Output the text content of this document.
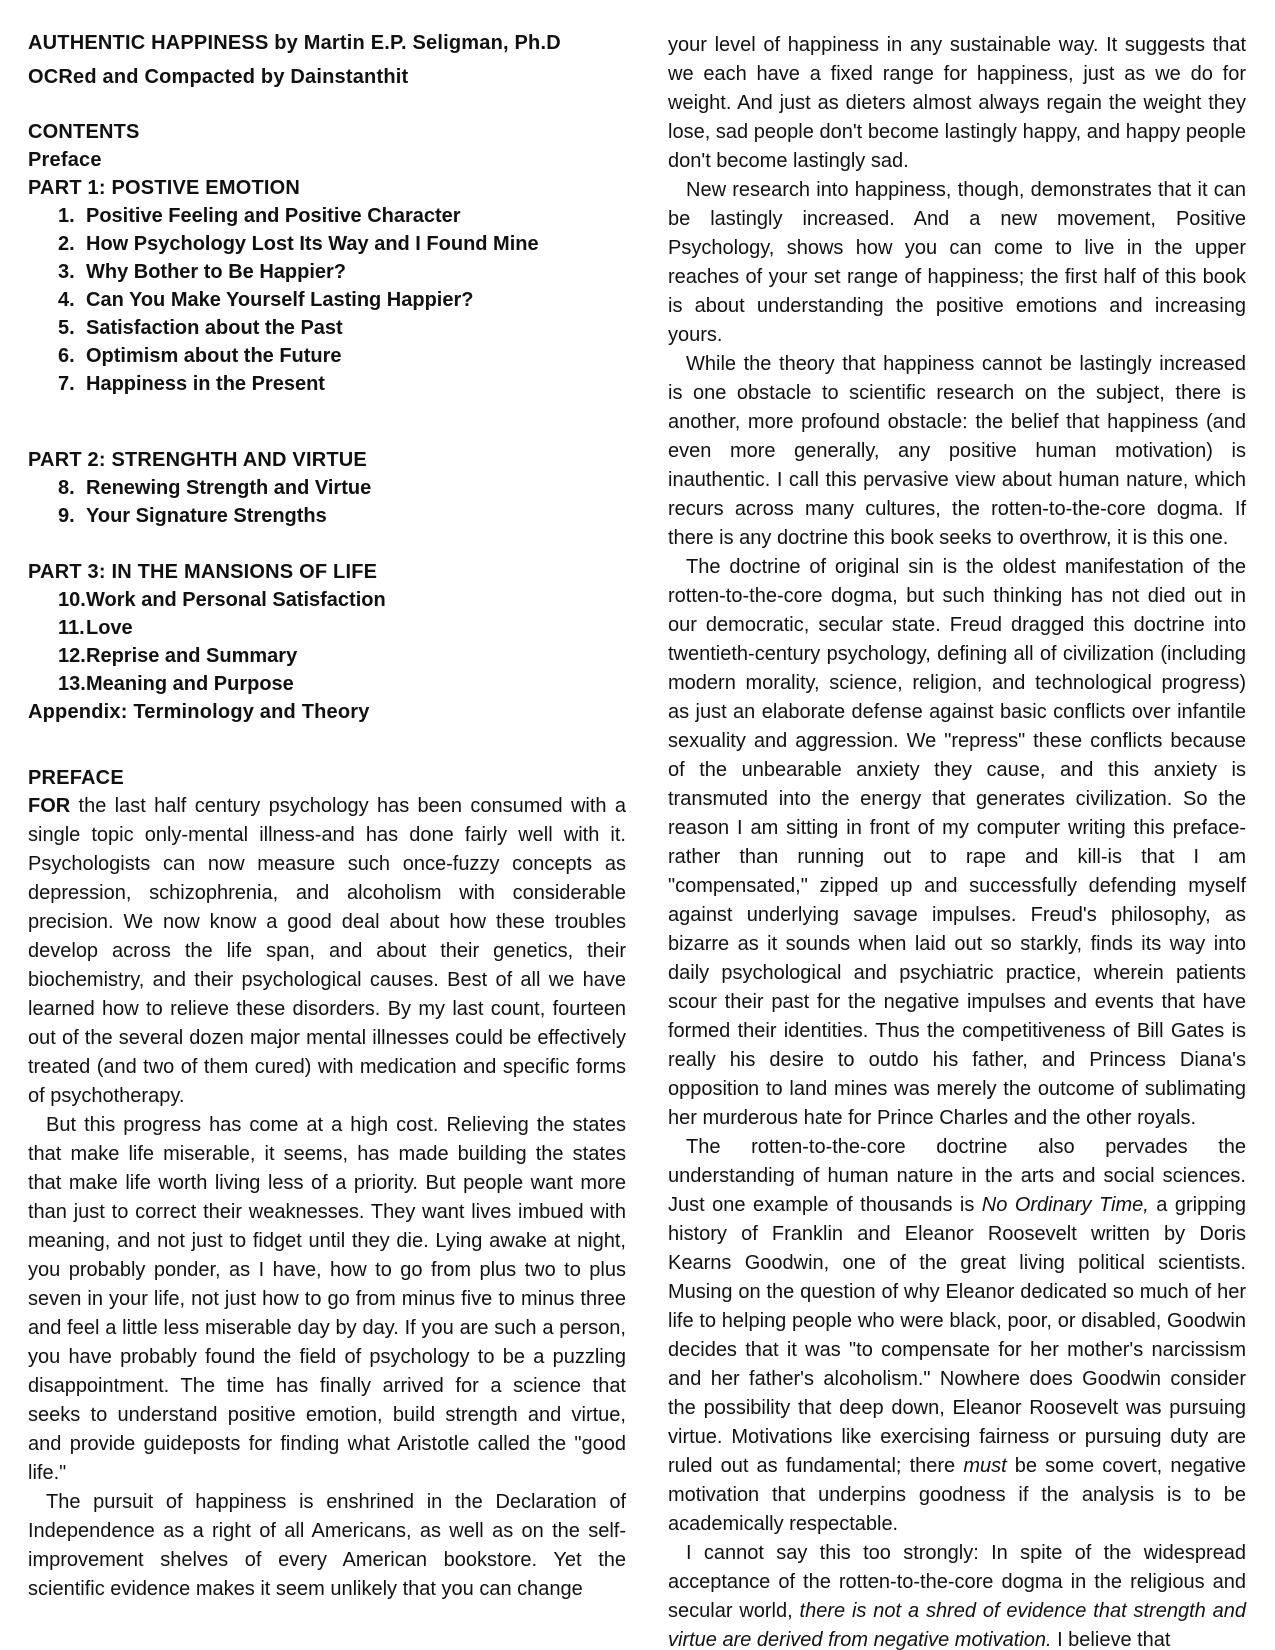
AUTHENTIC HAPPINESS by Martin E.P. Seligman, Ph.D
OCRed and Compacted by Dainstanthit
CONTENTS
Preface
PART 1: POSTIVE EMOTION
1. Positive Feeling and Positive Character
2. How Psychology Lost Its Way and I Found Mine
3. Why Bother to Be Happier?
4. Can You Make Yourself Lasting Happier?
5. Satisfaction about the Past
6. Optimism about the Future
7. Happiness in the Present
PART 2: STRENGHTH AND VIRTUE
8. Renewing Strength and Virtue
9. Your Signature Strengths
PART 3: IN THE MANSIONS OF LIFE
10. Work and Personal Satisfaction
11. Love
12. Reprise and Summary
13. Meaning and Purpose
Appendix: Terminology and Theory
PREFACE

FOR the last half century psychology has been consumed with a single topic only-mental illness-and has done fairly well with it. Psychologists can now measure such once-fuzzy concepts as depression, schizophrenia, and alcoholism with considerable precision. We now know a good deal about how these troubles develop across the life span, and about their genetics, their biochemistry, and their psychological causes. Best of all we have learned how to relieve these disorders. By my last count, fourteen out of the several dozen major mental illnesses could be effectively treated (and two of them cured) with medication and specific forms of psychotherapy.

But this progress has come at a high cost. Relieving the states that make life miserable, it seems, has made building the states that make life worth living less of a priority. But people want more than just to correct their weaknesses. They want lives imbued with meaning, and not just to fidget until they die. Lying awake at night, you probably ponder, as I have, how to go from plus two to plus seven in your life, not just how to go from minus five to minus three and feel a little less miserable day by day. If you are such a person, you have probably found the field of psychology to be a puzzling disappointment. The time has finally arrived for a science that seeks to understand positive emotion, build strength and virtue, and provide guideposts for finding what Aristotle called the "good life."

The pursuit of happiness is enshrined in the Declaration of Independence as a right of all Americans, as well as on the self-improvement shelves of every American bookstore. Yet the scientific evidence makes it seem unlikely that you can change

your level of happiness in any sustainable way. It suggests that we each have a fixed range for happiness, just as we do for weight. And just as dieters almost always regain the weight they lose, sad people don't become lastingly happy, and happy people don't become lastingly sad.

New research into happiness, though, demonstrates that it can be lastingly increased. And a new movement, Positive Psychology, shows how you can come to live in the upper reaches of your set range of happiness; the first half of this book is about understanding the positive emotions and increasing yours.

While the theory that happiness cannot be lastingly increased is one obstacle to scientific research on the subject, there is another, more profound obstacle: the belief that happiness (and even more generally, any positive human motivation) is inauthentic. I call this pervasive view about human nature, which recurs across many cultures, the rotten-to-the-core dogma. If there is any doctrine this book seeks to overthrow, it is this one.

The doctrine of original sin is the oldest manifestation of the rotten-to-the-core dogma, but such thinking has not died out in our democratic, secular state. Freud dragged this doctrine into twentieth-century psychology, defining all of civilization (including modern morality, science, religion, and technological progress) as just an elaborate defense against basic conflicts over infantile sexuality and aggression. We "repress" these conflicts because of the unbearable anxiety they cause, and this anxiety is transmuted into the energy that generates civilization. So the reason I am sitting in front of my computer writing this preface-rather than running out to rape and kill-is that I am "compensated," zipped up and successfully defending myself against underlying savage impulses. Freud's philosophy, as bizarre as it sounds when laid out so starkly, finds its way into daily psychological and psychiatric practice, wherein patients scour their past for the negative impulses and events that have formed their identities. Thus the competitiveness of Bill Gates is really his desire to outdo his father, and Princess Diana's opposition to land mines was merely the outcome of sublimating her murderous hate for Prince Charles and the other royals.

The rotten-to-the-core doctrine also pervades the understanding of human nature in the arts and social sciences. Just one example of thousands is No Ordinary Time, a gripping history of Franklin and Eleanor Roosevelt written by Doris Kearns Goodwin, one of the great living political scientists. Musing on the question of why Eleanor dedicated so much of her life to helping people who were black, poor, or disabled, Goodwin decides that it was "to compensate for her mother's narcissism and her father's alcoholism." Nowhere does Goodwin consider the possibility that deep down, Eleanor Roosevelt was pursuing virtue. Motivations like exercising fairness or pursuing duty are ruled out as fundamental; there must be some covert, negative motivation that underpins goodness if the analysis is to be academically respectable.

I cannot say this too strongly: In spite of the widespread acceptance of the rotten-to-the-core dogma in the religious and secular world, there is not a shred of evidence that strength and virtue are derived from negative motivation. I believe that
